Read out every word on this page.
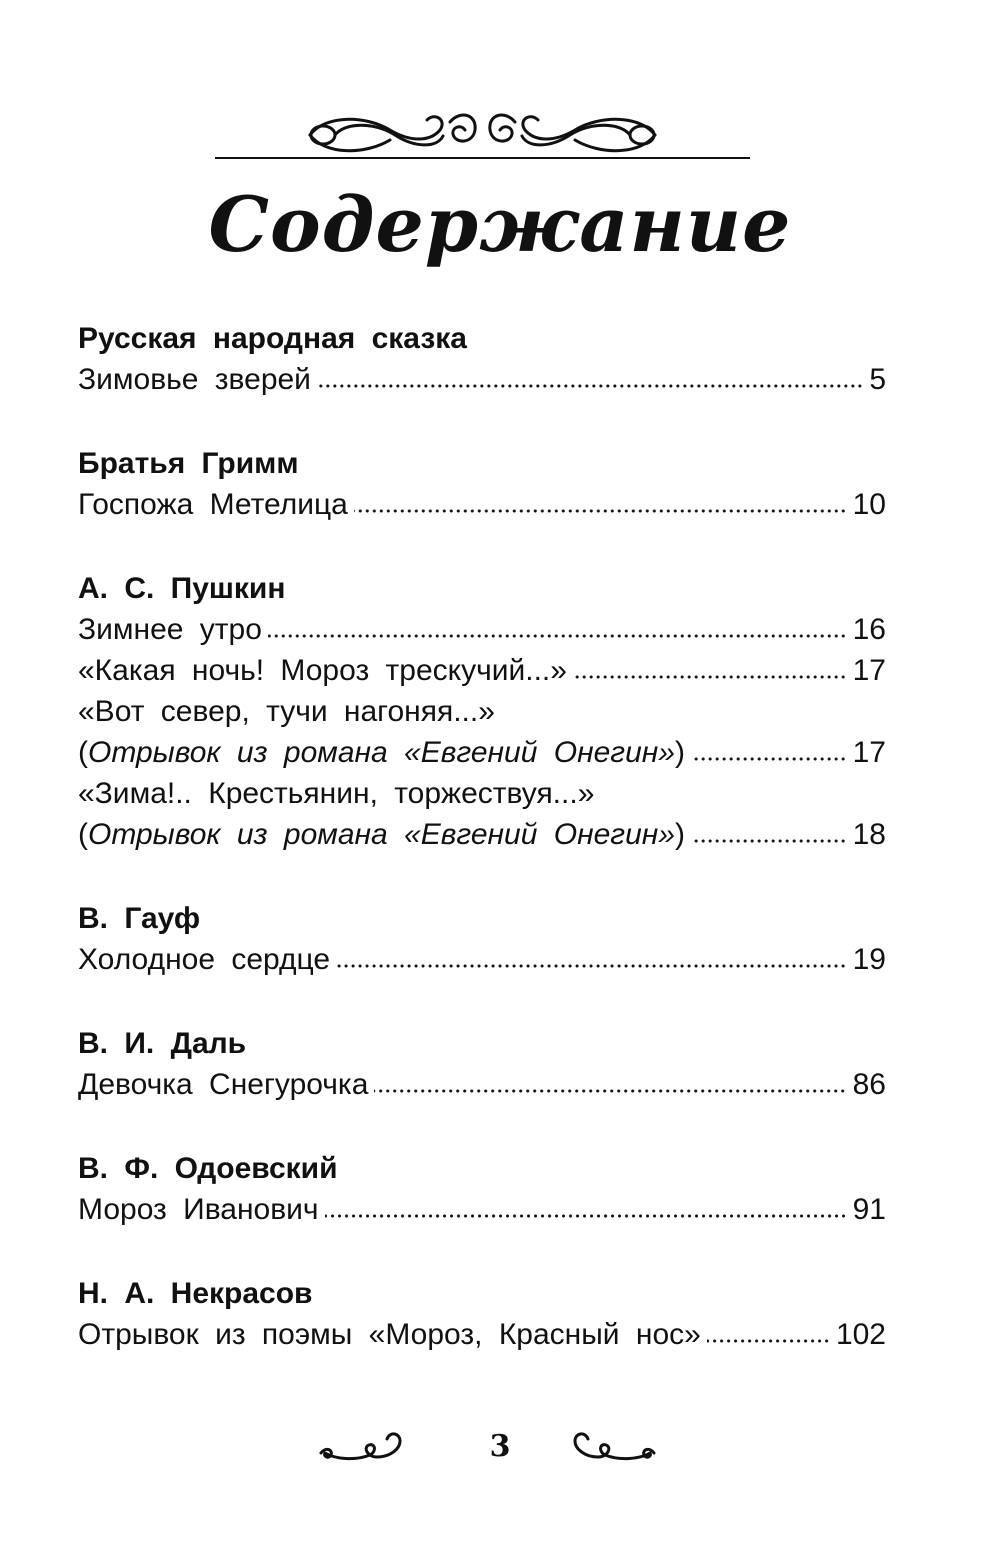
Содержание
Русская народная сказка
Зимовье зверей	5
Братья Гримм
Госпожа Метелица	10
А. С. Пушкин
Зимнее утро	16
«Какая ночь! Мороз трескучий...»	17
«Вот север, тучи нагоняя...»
(Отрывок из романа «Евгений Онегин»)	17
«Зима!.. Крестьянин, торжествуя...»
(Отрывок из романа «Евгений Онегин»)	18
В. Гауф
Холодное сердце	19
В. И. Даль
Девочка Снегурочка	86
В. Ф. Одоевский
Мороз Иванович	91
Н. А. Некрасов
Отрывок из поэмы «Мороз, Красный нос»	102
3
